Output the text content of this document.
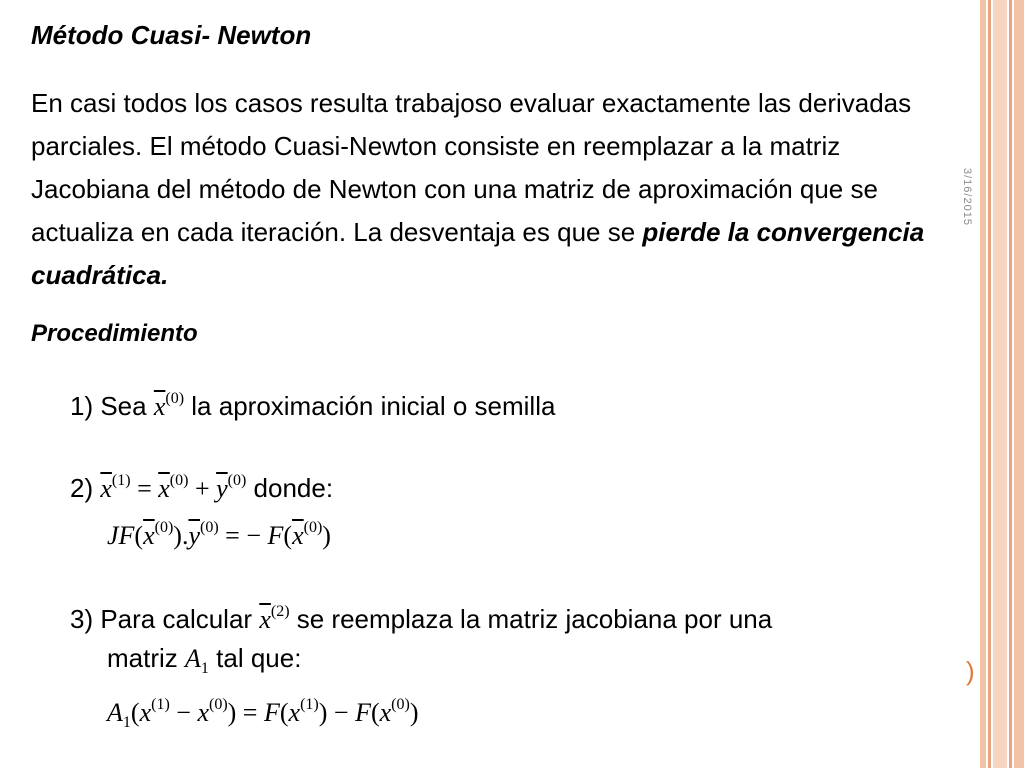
3/16/2015
)
Método Cuasi- Newton
En casi todos los casos resulta trabajoso evaluar exactamente las derivadas parciales. El método Cuasi-Newton consiste en reemplazar a la matriz Jacobiana del método de Newton con una matriz de aproximación que se actualiza en cada iteración. La desventaja es que se pierde la convergencia cuadrática.
Procedimiento
1) Sea $\overline{x}^{(0)}$ la aproximación inicial o semilla
2) $\overline{x}^{(1)} = \overline{x}^{(0)} + \overline{y}^{(0)}$ donde:
$JF(\overline{x}^{(0)}).\overline{y}^{(0)}$ = − $F(\overline{x}^{(0)})$
3) Para calcular $\overline{x}^{(2)}$ se reemplaza la matriz jacobiana por una
matriz $A_1$ tal que:
$A_1(x^{(1)} - x^{(0)}) = F(x^{(1)}) - F(x^{(0)})$
